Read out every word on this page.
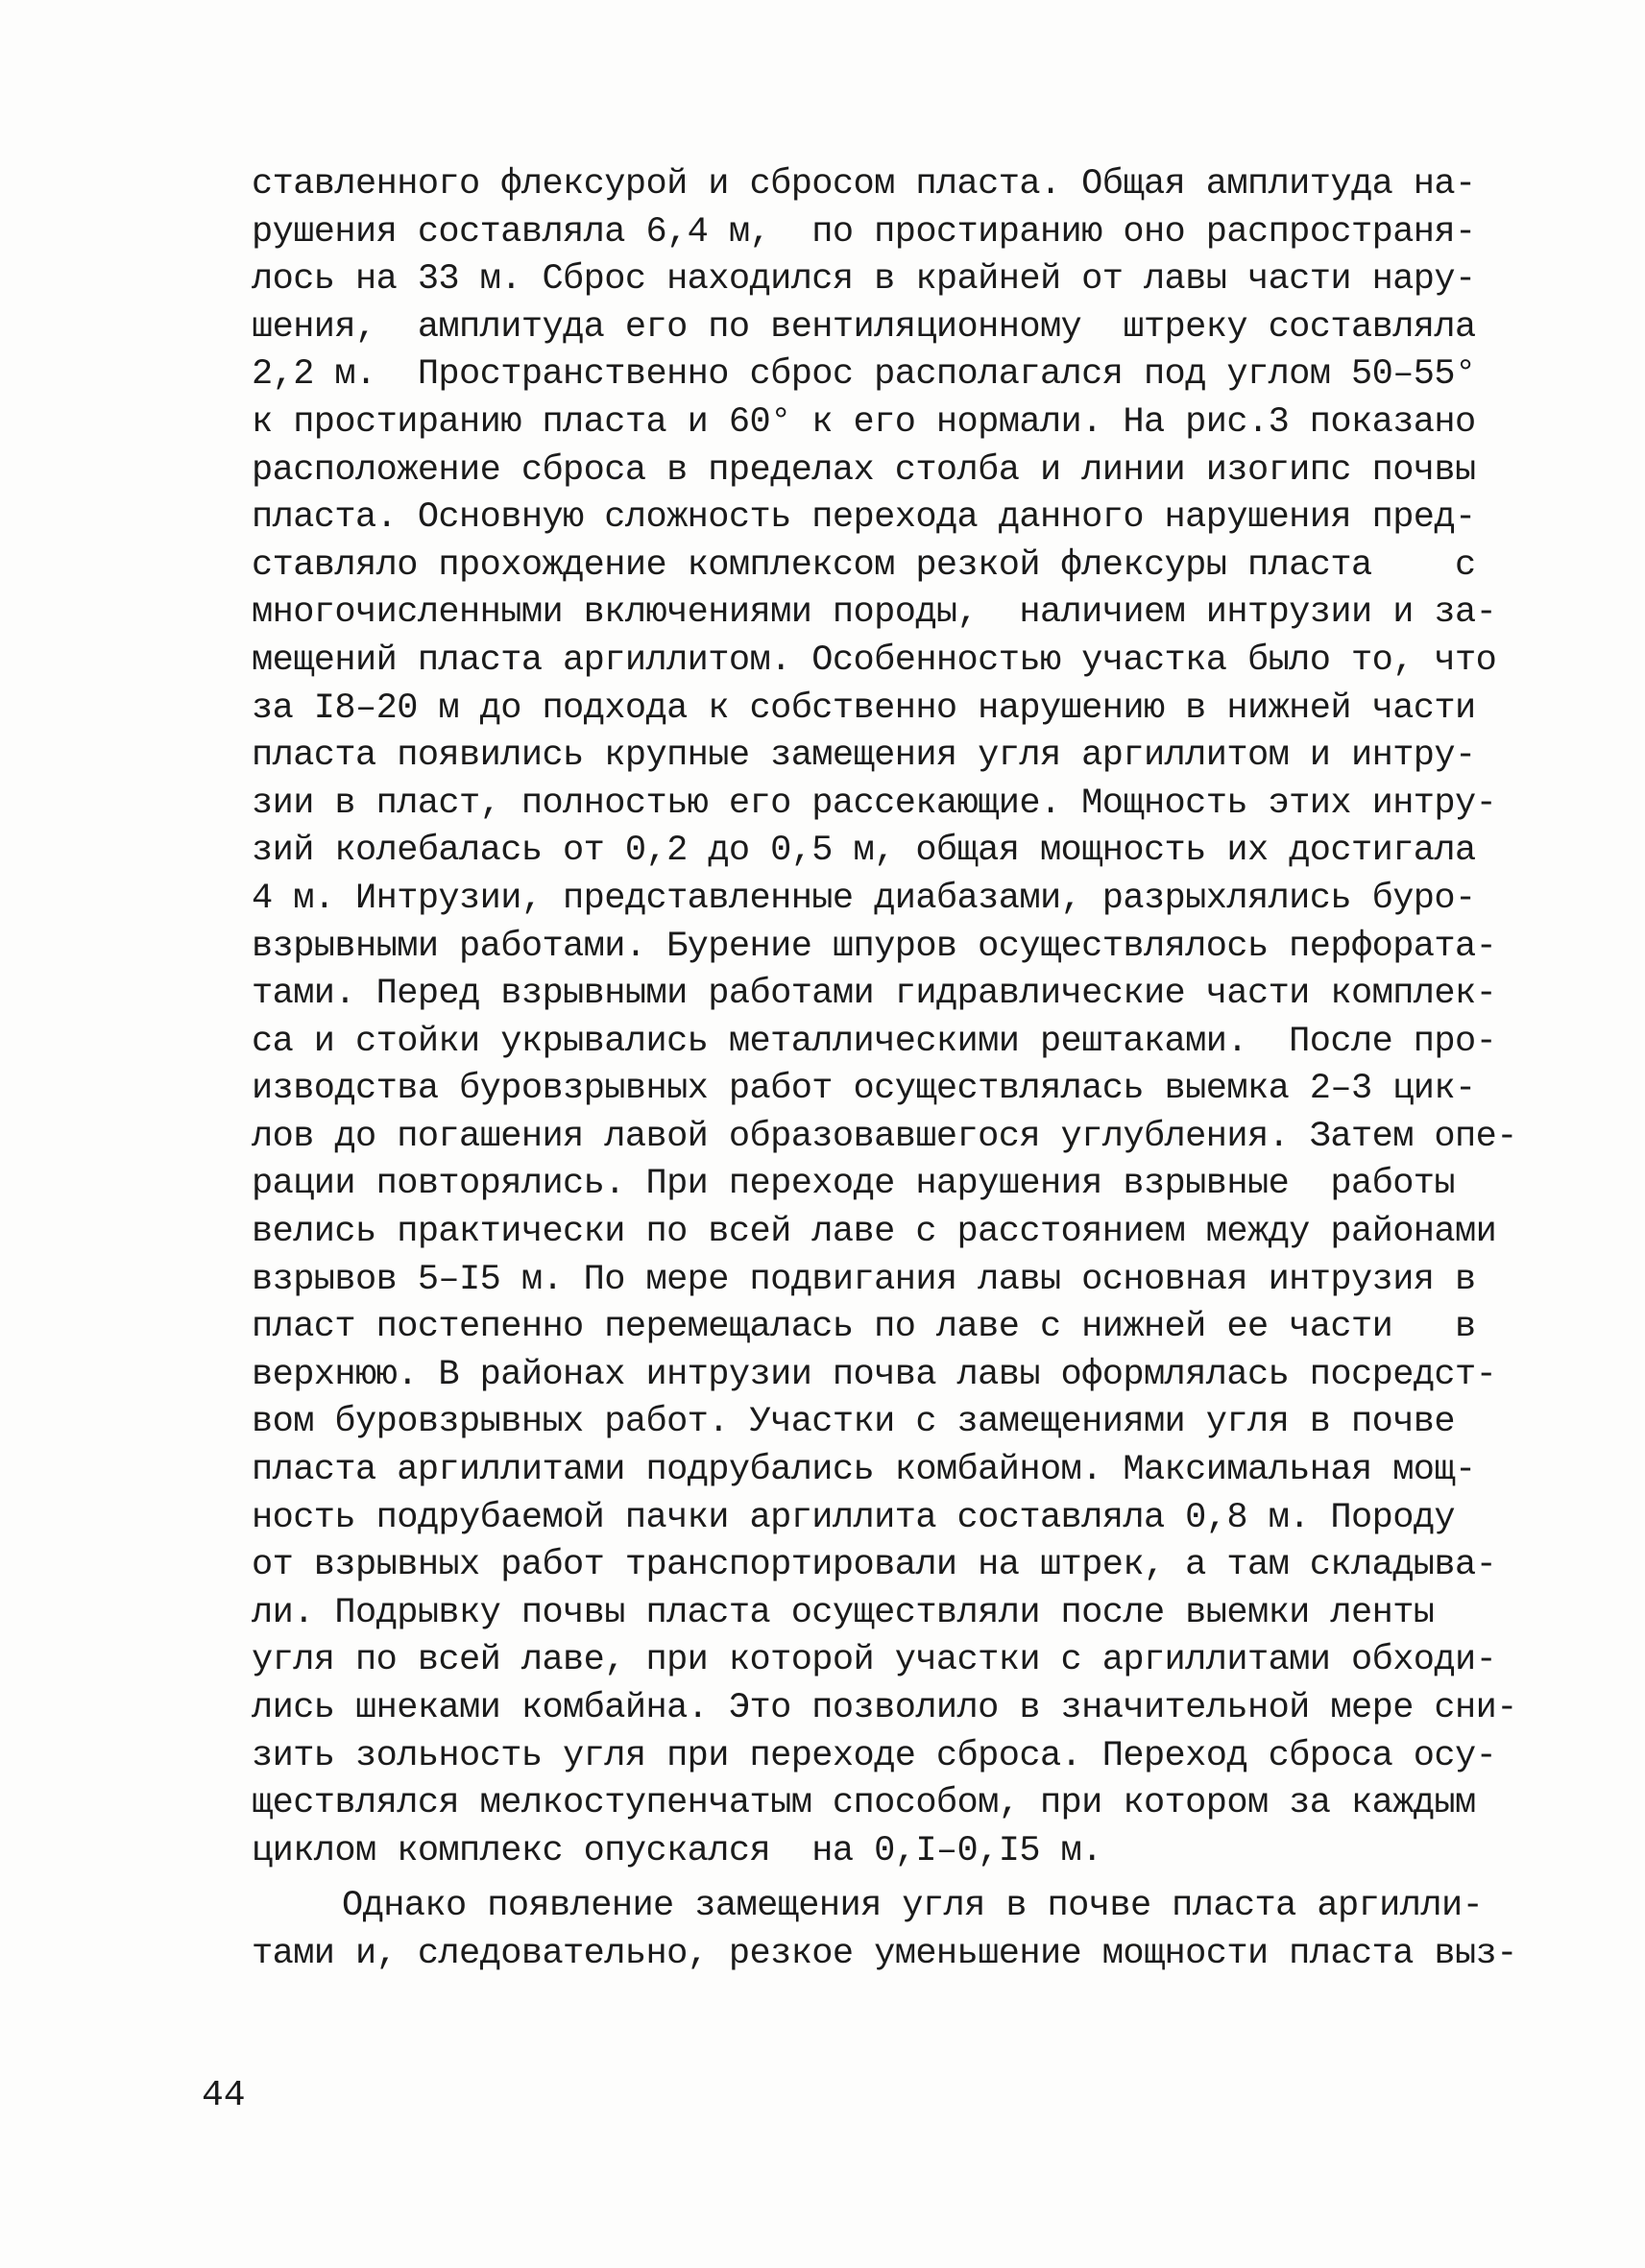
ставленного флексурой и сбросом пласта. Общая амплитуда на-
рушения составляла 6,4 м,  по простиранию оно распространя-
лось на 33 м. Сброс находился в крайней от лавы части нару-
шения,  амплитуда его по вентиляционному  штреку составляла
2,2 м.  Пространственно сброс располагался под углом 50–55°
к простиранию пласта и 60° к его нормали. На рис.3 показано
расположение сброса в пределах столба и линии изогипс почвы
пласта. Основную сложность перехода данного нарушения пред-
ставляло прохождение комплексом резкой флексуры пласта    с
многочисленными включениями породы,  наличием интрузии и за-
мещений пласта аргиллитом. Особенностью участка было то, что
за I8–20 м до подхода к собственно нарушению в нижней части
пласта появились крупные замещения угля аргиллитом и интру-
зии в пласт, полностью его рассекающие. Мощность этих интру-
зий колебалась от 0,2 до 0,5 м, общая мощность их достигала
4 м. Интрузии, представленные диабазами, разрыхлялись буро-
взрывными работами. Бурение шпуров осуществлялось перфората-
тами. Перед взрывными работами гидравлические части комплек-
са и стойки укрывались металлическими рештаками.  После про-
изводства буровзрывных работ осуществлялась выемка 2–3 цик-
лов до погашения лавой образовавшегося углубления. Затем опе-
рации повторялись. При переходе нарушения взрывные  работы
велись практически по всей лаве с расстоянием между районами
взрывов 5–I5 м. По мере подвигания лавы основная интрузия в
пласт постепенно перемещалась по лаве с нижней ее части   в
верхнюю. В районах интрузии почва лавы оформлялась посредст-
вом буровзрывных работ. Участки с замещениями угля в почве
пласта аргиллитами подрубались комбайном. Максимальная мощ-
ность подрубаемой пачки аргиллита составляла 0,8 м. Породу
от взрывных работ транспортировали на штрек, а там складыва-
ли. Подрывку почвы пласта осуществляли после выемки ленты
угля по всей лаве, при которой участки с аргиллитами обходи-
лись шнеками комбайна. Это позволило в значительной мере сни-
зить зольность угля при переходе сброса. Переход сброса осу-
ществлялся мелкоступенчатым способом, при котором за каждым
циклом комплекс опускался  на 0,I–0,I5 м.
Однако появление замещения угля в почве пласта аргилли-
тами и, следовательно, резкое уменьшение мощности пласта выз-
44
